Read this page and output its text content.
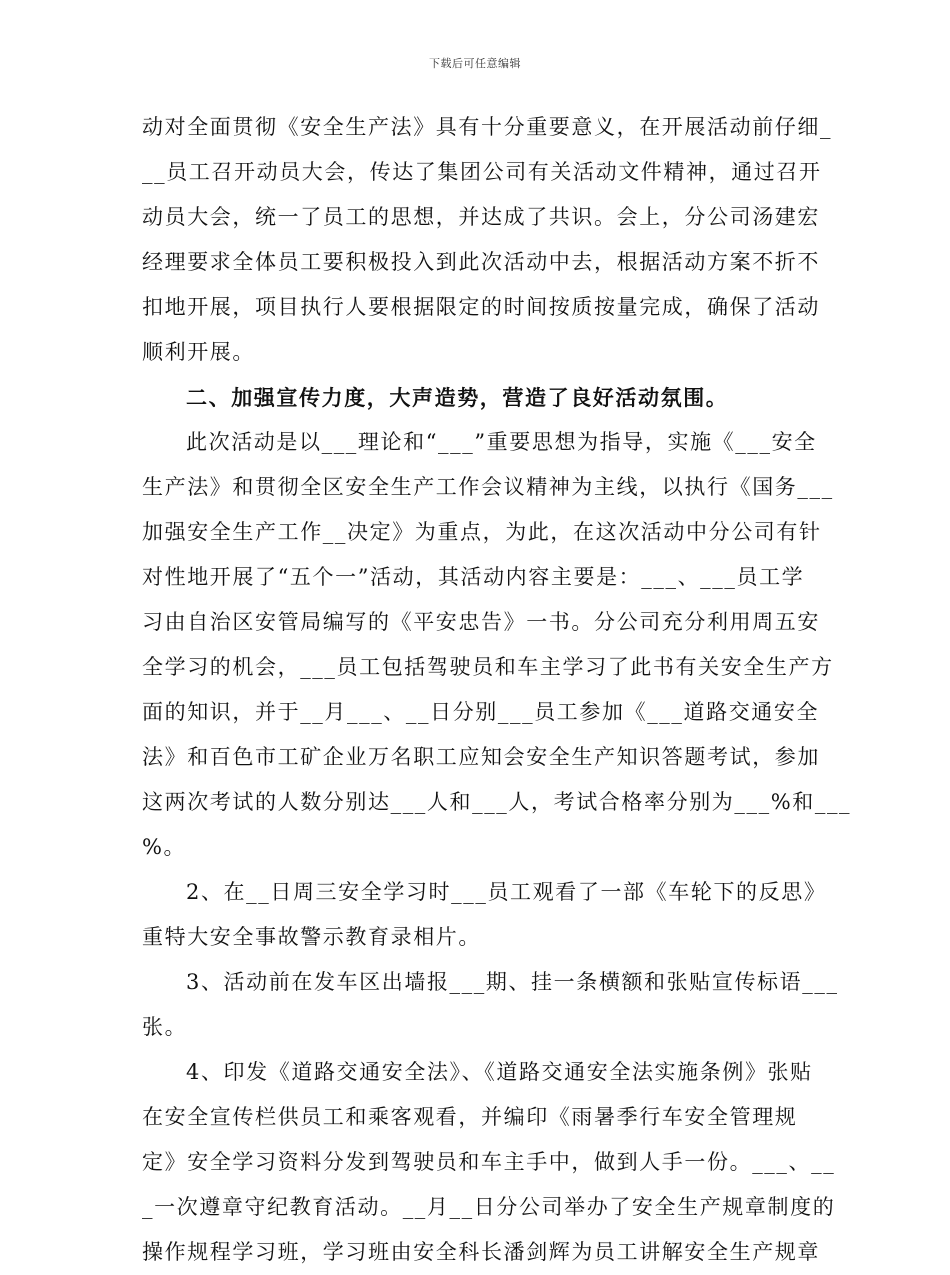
下载后可任意编辑
动对全面贯彻《安全生产法》具有十分重要意义，在开展活动前仔细_
__员工召开动员大会，传达了集团公司有关活动文件精神，通过召开
动员大会，统一了员工的思想，并达成了共识。会上，分公司汤建宏
经理要求全体员工要积极投入到此次活动中去，根据活动方案不折不
扣地开展，项目执行人要根据限定的时间按质按量完成，确保了活动
顺利开展。
二、加强宣传力度，大声造势，营造了良好活动氛围。
此次活动是以___理论和“___”重要思想为指导，实施《___安全
生产法》和贯彻全区安全生产工作会议精神为主线，以执行《国务___
加强安全生产工作__决定》为重点，为此，在这次活动中分公司有针
对性地开展了“五个一”活动，其活动内容主要是：___、___员工学
习由自治区安管局编写的《平安忠告》一书。分公司充分利用周五安
全学习的机会，___员工包括驾驶员和车主学习了此书有关安全生产方
面的知识，并于__月___、__日分别___员工参加《___道路交通安全
法》和百色市工矿企业万名职工应知会安全生产知识答题考试，参加
这两次考试的人数分别达___人和___人，考试合格率分别为___%和___
%。
2、在__日周三安全学习时___员工观看了一部《车轮下的反思》
重特大安全事故警示教育录相片。
3、活动前在发车区出墙报___期、挂一条横额和张贴宣传标语___
张。
4、印发《道路交通安全法》、《道路交通安全法实施条例》张贴
在安全宣传栏供员工和乘客观看，并编印《雨暑季行车安全管理规
定》安全学习资料分发到驾驶员和车主手中，做到人手一份。___、__
_一次遵章守纪教育活动。__月__日分公司举办了安全生产规章制度的
操作规程学习班，学习班由安全科长潘剑辉为员工讲解安全生产规章
